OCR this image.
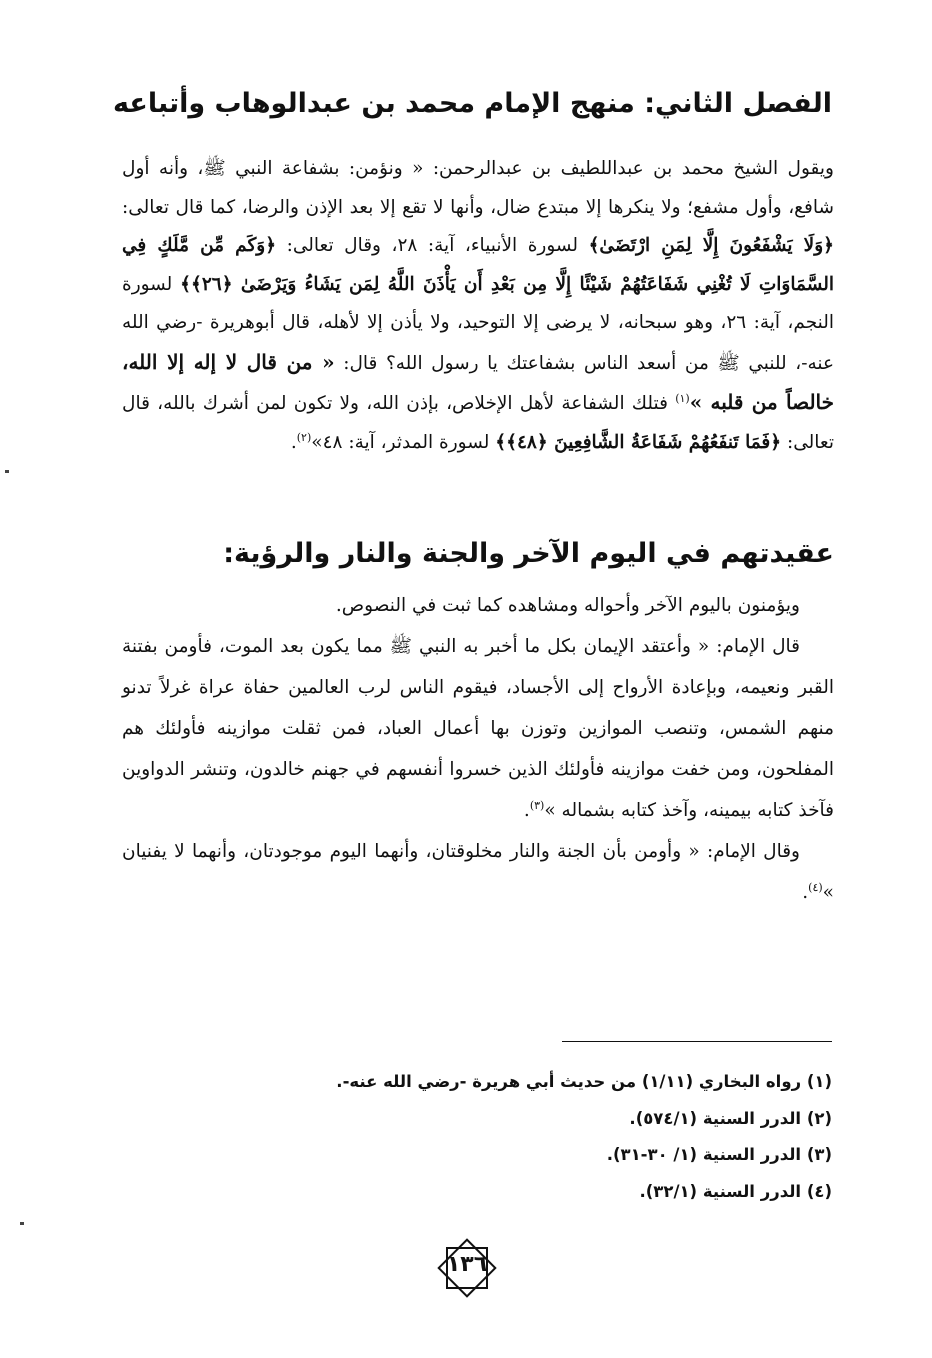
الفصل الثاني: منهج الإمام محمد بن عبدالوهاب وأتباعه

ويقول الشيخ محمد بن عبداللطيف بن عبدالرحمن: « ونؤمن: بشفاعة النبي ﷺ، وأنه أول شافع، وأول مشفع؛ ولا ينكرها إلا مبتدع ضال، وأنها لا تقع إلا بعد الإذن والرضا، كما قال تعالى: ﴿وَلَا يَشْفَعُونَ إِلَّا لِمَنِ ارْتَضَىٰ﴾ لسورة الأنبياء، آية: ٢٨، وقال تعالى: ﴿وَكَم مِّن مَّلَكٍ فِي السَّمَاوَاتِ لَا تُغْنِي شَفَاعَتُهُمْ شَيْئًا إِلَّا مِن بَعْدِ أَن يَأْذَنَ اللَّهُ لِمَن يَشَاءُ وَيَرْضَىٰ ﴿٢٦﴾﴾ لسورة النجم، آية: ٢٦، وهو سبحانه، لا يرضى إلا التوحيد، ولا يأذن إلا لأهله، قال أبوهريرة -رضي الله عنه-، للنبي ﷺ من أسعد الناس بشفاعتك يا رسول الله؟ قال: « من قال لا إله إلا الله، خالصاً من قلبه »$^{(١)}$ فتلك الشفاعة لأهل الإخلاص، بإذن الله، ولا تكون لمن أشرك بالله، قال تعالى: ﴿فَمَا تَنفَعُهُمْ شَفَاعَةُ الشَّافِعِينَ ﴿٤٨﴾﴾ لسورة المدثر، آية: ٤٨»$^{(٢)}$.

عقيدتهم في اليوم الآخر والجنة والنار والرؤية:

ويؤمنون باليوم الآخر وأحواله ومشاهده كما ثبت في النصوص.

قال الإمام: « وأعتقد الإيمان بكل ما أخبر به النبي ﷺ مما يكون بعد الموت، فأومن بفتنة القبر ونعيمه، وبإعادة الأرواح إلى الأجساد، فيقوم الناس لرب العالمين حفاة عراة غرلاً تدنو منهم الشمس، وتنصب الموازين وتوزن بها أعمال العباد، فمن ثقلت موازينه فأولئك هم المفلحون، ومن خفت موازينه فأولئك الذين خسروا أنفسهم في جهنم خالدون، وتنشر الدواوين فآخذ كتابه بيمينه، وآخذ كتابه بشماله »$^{(٣)}$.

وقال الإمام: « وأومن بأن الجنة والنار مخلوقتان، وأنهما اليوم موجودتان، وأنهما لا يفنيان »$^{(٤)}$.

(١) رواه البخاري (١/١١) من حديث أبي هريرة -رضي الله عنه-.
(٢) الدرر السنية (٥٧٤/١).
(٣) الدرر السنية (١/ ٣٠-٣١).
(٤) الدرر السنية (٣٢/١).
١٣٦
